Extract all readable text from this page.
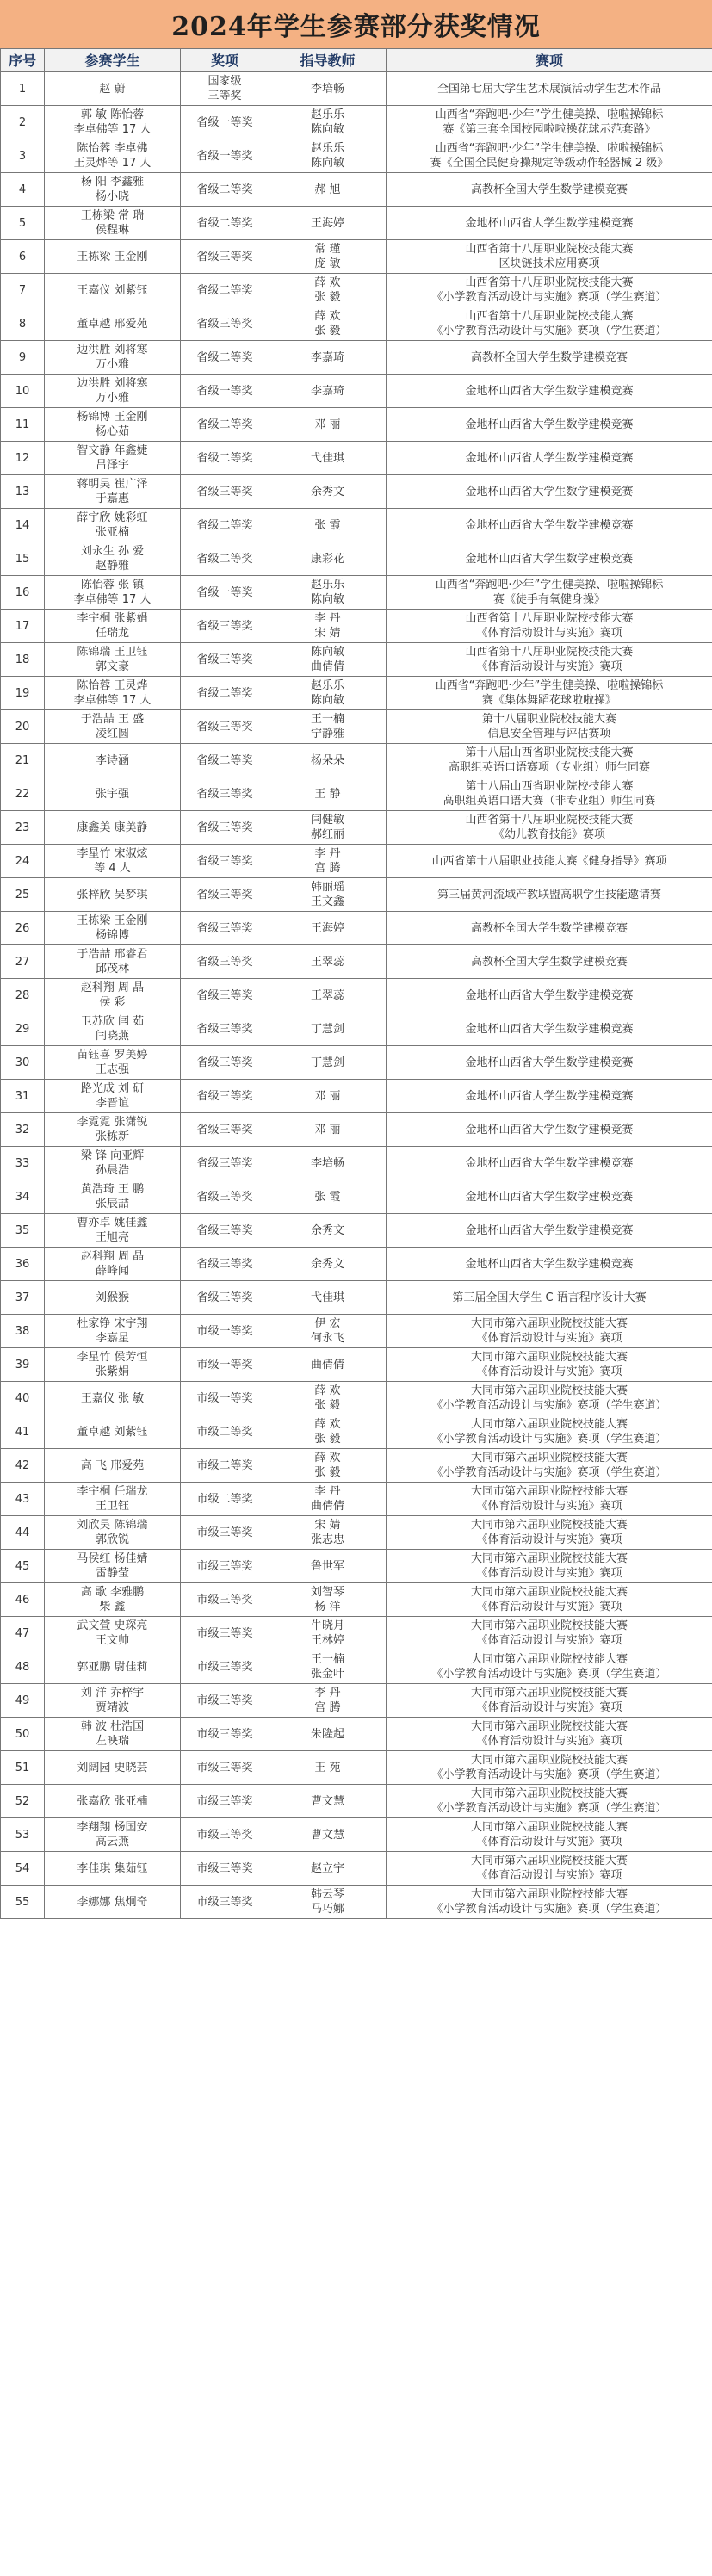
2024年学生参赛部分获奖情况
序号	参赛学生	奖项	指导教师	赛项
1	赵 蔚	国家级
三等奖	李培畅	全国第七届大学生艺术展演活动学生艺术作品

2	郭 敏 陈怡蓉
李卓佛等 17 人	省级一等奖	赵乐乐
陈向敏	山西省“奔跑吧·少年”学生健美操、啦啦操锦标
赛《第三套全国校园啦啦操花球示范套路》

3	陈怡蓉 李卓佛
王灵烨等 17 人	省级一等奖	赵乐乐
陈向敏	山西省“奔跑吧·少年”学生健美操、啦啦操锦标
赛《全国全民健身操规定等级动作轻器械 2 级》

4	杨 阳 李鑫雅
杨小晓	省级二等奖	郝 旭	高教杯全国大学生数学建模竞赛

5	王栋梁 常 瑞
侯程琳	省级二等奖	王海婷	金地杯山西省大学生数学建模竞赛

6	王栋梁 王金刚	省级三等奖	常 瑾
庞 敏	山西省第十八届职业院校技能大赛
区块链技术应用赛项

7	王嘉仪 刘紫钰	省级二等奖	薛 欢
张 毅	山西省第十八届职业院校技能大赛
《小学教育活动设计与实施》赛项（学生赛道）

8	董卓越 邢爱苑	省级三等奖	薛 欢
张 毅	山西省第十八届职业院校技能大赛
《小学教育活动设计与实施》赛项（学生赛道）

9	边洪胜 刘将寒
万小雅	省级二等奖	李嘉琦	高教杯全国大学生数学建模竞赛

10	边洪胜 刘将寒
万小雅	省级一等奖	李嘉琦	金地杯山西省大学生数学建模竞赛

11	杨锦博 王金刚
杨心茹	省级二等奖	邓 丽	金地杯山西省大学生数学建模竞赛

12	智文静 年鑫婕
吕泽宇	省级二等奖	弋佳琪	金地杯山西省大学生数学建模竞赛

13	蒋明昊 崔广泽
于嘉惠	省级三等奖	余秀文	金地杯山西省大学生数学建模竞赛

14	薛宇欣 姚彩虹
张亚楠	省级二等奖	张 霞	金地杯山西省大学生数学建模竞赛

15	刘永生 孙 爱
赵静雅	省级二等奖	康彩花	金地杯山西省大学生数学建模竞赛

16	陈怡蓉 张 镇
李卓佛等 17 人	省级一等奖	赵乐乐
陈向敏	山西省“奔跑吧·少年”学生健美操、啦啦操锦标
赛《徒手有氧健身操》

17	李宇桐 张紫娟
任瑞龙	省级三等奖	李 丹
宋 婧	山西省第十八届职业院校技能大赛
《体育活动设计与实施》赛项

18	陈锦瑞 王卫钰
郭文豪	省级三等奖	陈向敏
曲倩倩	山西省第十八届职业院校技能大赛
《体育活动设计与实施》赛项

19	陈怡蓉 王灵烨
李卓佛等 17 人	省级二等奖	赵乐乐
陈向敏	山西省“奔跑吧·少年”学生健美操、啦啦操锦标
赛《集体舞蹈花球啦啦操》

20	于浩喆 王 盛
凌红圆	省级三等奖	王一楠
宁静雅	第十八届职业院校技能大赛
信息安全管理与评估赛项

21	李诗涵	省级二等奖	杨朵朵	第十八届山西省职业院校技能大赛
高职组英语口语赛项（专业组）师生同赛

22	张宇强	省级三等奖	王 静	第十八届山西省职业院校技能大赛
高职组英语口语大赛（非专业组）师生同赛

23	康鑫美 康美静	省级三等奖	闫健敏
郝红丽	山西省第十八届职业院校技能大赛
《幼儿教育技能》赛项

24	李星竹 宋淑炫
等 4 人	省级三等奖	李 丹
宫 腾	山西省第十八届职业技能大赛《健身指导》赛项

25	张梓欣 吴梦琪	省级三等奖	韩丽瑶
王文鑫	第三届黄河流域产教联盟高职学生技能邀请赛

26	王栋梁 王金刚
杨锦博	省级三等奖	王海婷	高教杯全国大学生数学建模竞赛

27	于浩喆 邢睿君
邱茂林	省级三等奖	王翠蕊	高教杯全国大学生数学建模竞赛

28	赵科翔 周 晶
侯 彩	省级三等奖	王翠蕊	金地杯山西省大学生数学建模竞赛

29	卫苏欣 闫 茹
闫晓燕	省级三等奖	丁慧剑	金地杯山西省大学生数学建模竞赛

30	苗钰喜 罗美婷
王志强	省级三等奖	丁慧剑	金地杯山西省大学生数学建模竞赛

31	路光成 刘 研
李晋谊	省级三等奖	邓 丽	金地杯山西省大学生数学建模竞赛

32	李霓霓 张潇锐
张栋新	省级三等奖	邓 丽	金地杯山西省大学生数学建模竞赛

33	梁 锋 向亚辉
孙晨浩	省级三等奖	李培畅	金地杯山西省大学生数学建模竞赛

34	黄浩琦 王 鹏
张辰喆	省级三等奖	张 霞	金地杯山西省大学生数学建模竞赛

35	曹亦卓 姚佳鑫
王旭亮	省级三等奖	余秀文	金地杯山西省大学生数学建模竞赛

36	赵科翔 周 晶
薛峰闻	省级三等奖	余秀文	金地杯山西省大学生数学建模竞赛

37	刘猴猴	省级三等奖	弋佳琪	第三届全国大学生 C 语言程序设计大赛

38	杜家铮 宋宇翔
李嘉星	市级一等奖	伊 宏
何永飞	大同市第六届职业院校技能大赛
《体育活动设计与实施》赛项

39	李星竹 侯芳恒
张紫娟	市级一等奖	曲倩倩	大同市第六届职业院校技能大赛
《体育活动设计与实施》赛项

40	王嘉仪 张 敏	市级一等奖	薛 欢
张 毅	大同市第六届职业院校技能大赛
《小学教育活动设计与实施》赛项（学生赛道）

41	董卓越 刘紫钰	市级二等奖	薛 欢
张 毅	大同市第六届职业院校技能大赛
《小学教育活动设计与实施》赛项（学生赛道）

42	高 飞 邢爱苑	市级二等奖	薛 欢
张 毅	大同市第六届职业院校技能大赛
《小学教育活动设计与实施》赛项（学生赛道）

43	李宇桐 任瑞龙
王卫钰	市级二等奖	李 丹
曲倩倩	大同市第六届职业院校技能大赛
《体育活动设计与实施》赛项

44	刘欣昊 陈锦瑞
郭欣锐	市级三等奖	宋 婧
张志忠	大同市第六届职业院校技能大赛
《体育活动设计与实施》赛项

45	马侯红 杨佳婧
雷静莹	市级三等奖	鲁世军	大同市第六届职业院校技能大赛
《体育活动设计与实施》赛项

46	高 歌 李雅鹏
柴 鑫	市级三等奖	刘智琴
杨 洋	大同市第六届职业院校技能大赛
《体育活动设计与实施》赛项

47	武文萱 史琛亮
王文帅	市级三等奖	牛晓月
王林婷	大同市第六届职业院校技能大赛
《体育活动设计与实施》赛项

48	郭亚鹏 尉佳莉	市级三等奖	王一楠
张金叶	大同市第六届职业院校技能大赛
《小学教育活动设计与实施》赛项（学生赛道）

49	刘 洋 乔梓宇
贾靖波	市级三等奖	李 丹
宫 腾	大同市第六届职业院校技能大赛
《体育活动设计与实施》赛项

50	韩 波 杜浩国
左映瑞	市级三等奖	朱隆起	大同市第六届职业院校技能大赛
《体育活动设计与实施》赛项

51	刘阔园 史晓芸	市级三等奖	王 苑	大同市第六届职业院校技能大赛
《小学教育活动设计与实施》赛项（学生赛道）

52	张嘉欣 张亚楠	市级三等奖	曹文慧	大同市第六届职业院校技能大赛
《小学教育活动设计与实施》赛项（学生赛道）

53	李翔翔 杨国安
高云燕	市级三等奖	曹文慧	大同市第六届职业院校技能大赛
《体育活动设计与实施》赛项

54	李佳琪 集茹钰	市级三等奖	赵立宇	大同市第六届职业院校技能大赛
《体育活动设计与实施》赛项

55	李娜娜 焦炯奇	市级三等奖	韩云琴
马巧娜	大同市第六届职业院校技能大赛
《小学教育活动设计与实施》赛项（学生赛道）
